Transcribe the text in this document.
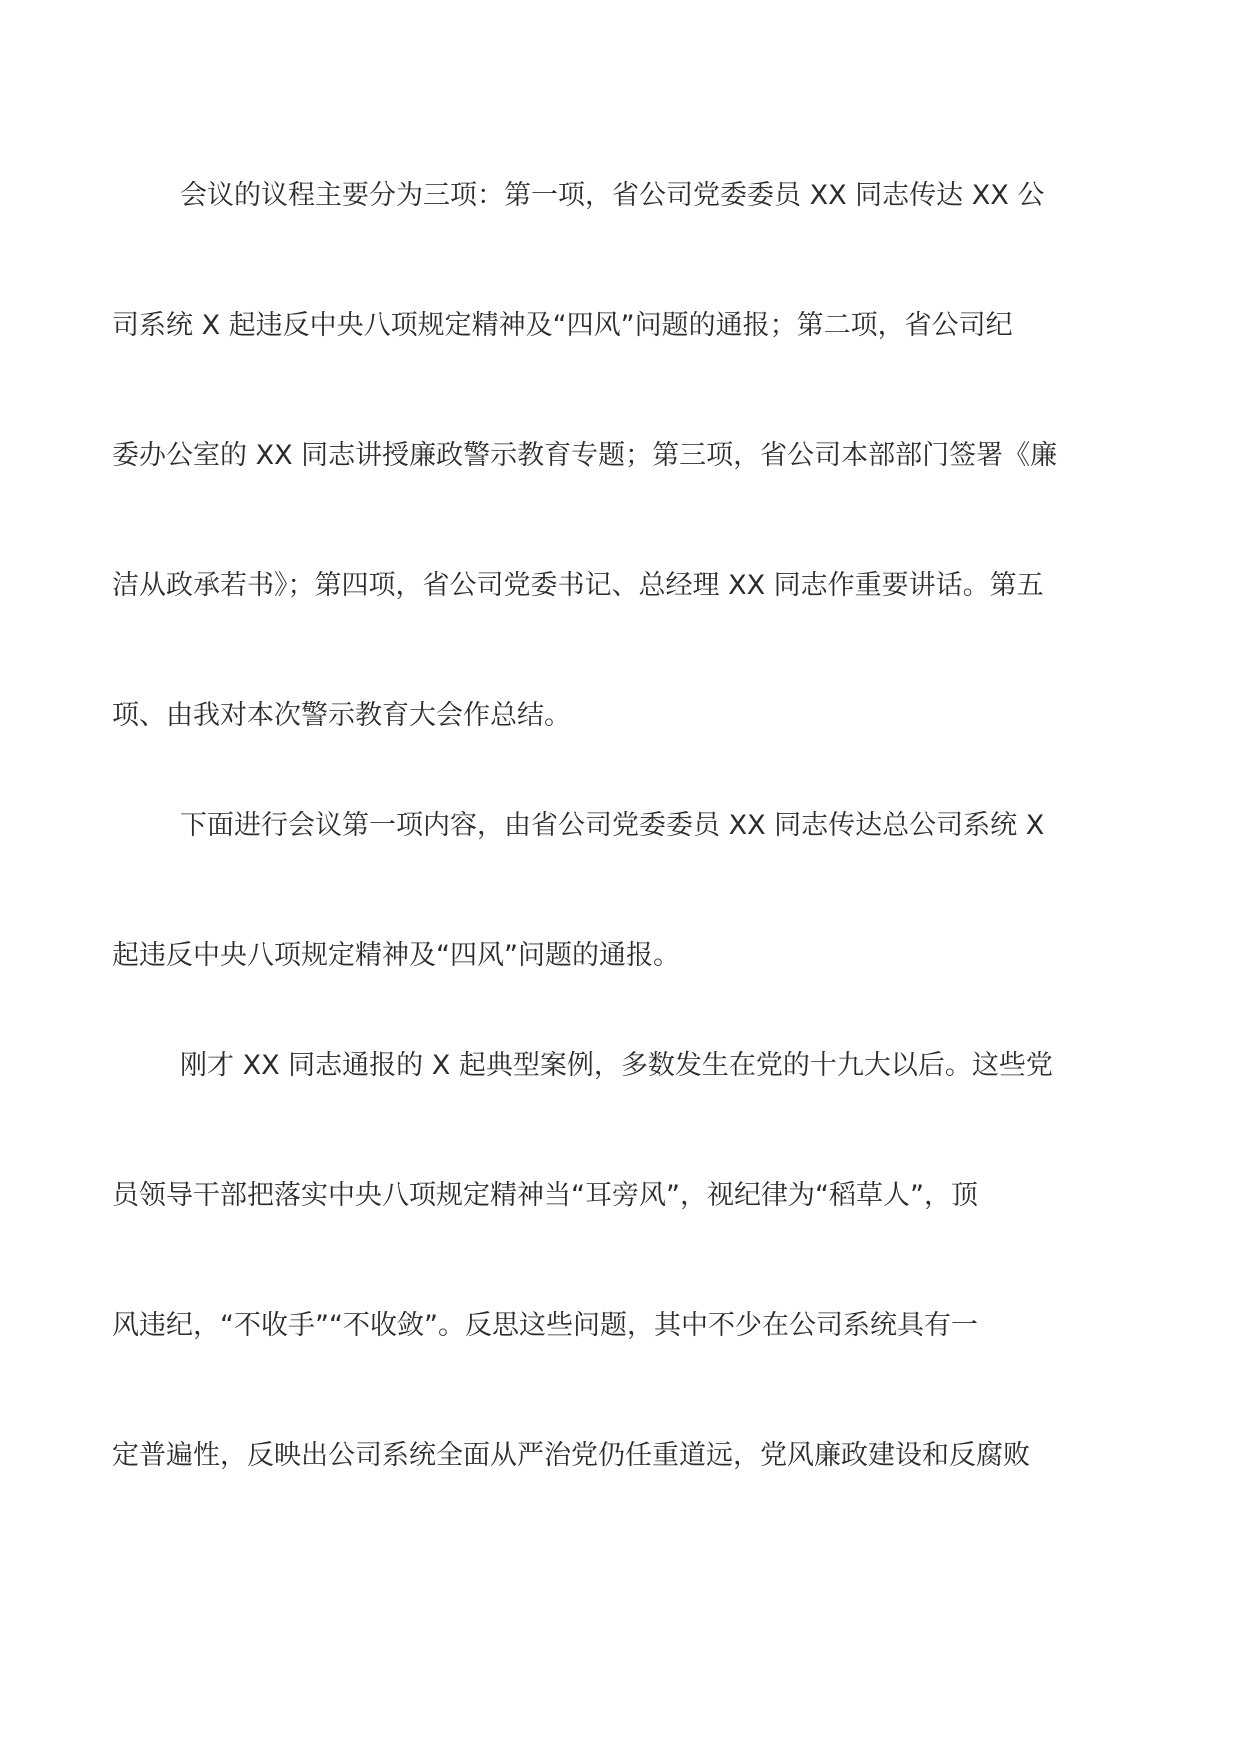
会议的议程主要分为三项：第一项，省公司党委委员 XX 同志传达 XX 公
司系统 X 起违反中央八项规定精神及“四风”问题的通报；第二项，省公司纪
委办公室的 XX 同志讲授廉政警示教育专题；第三项，省公司本部部门签署《廉
洁从政承若书》；第四项，省公司党委书记、总经理 XX 同志作重要讲话。第五
项、由我对本次警示教育大会作总结。
下面进行会议第一项内容，由省公司党委委员 XX 同志传达总公司系统 X
起违反中央八项规定精神及“四风”问题的通报。
刚才 XX 同志通报的 X 起典型案例，多数发生在党的十九大以后。这些党
员领导干部把落实中央八项规定精神当“耳旁风”，视纪律为“稻草人”，顶
风违纪，“不收手”“不收敛”。反思这些问题，其中不少在公司系统具有一
定普遍性，反映出公司系统全面从严治党仍任重道远，党风廉政建设和反腐败
